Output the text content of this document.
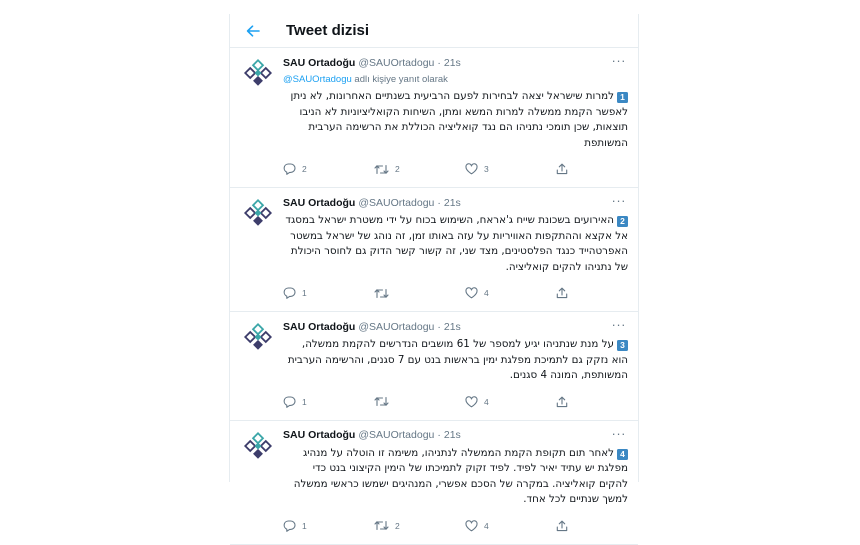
Tweet dizisi
SAU Ortadoğu @SAUOrtadogu · 21s	···
@SAUOrtadogu adlı kişiye yanıt olarak
1למרות שישראל יצאה לבחירות לפעם הרביעית בשנתיים האחרונות, לא ניתן לאפשר הקמת ממשלה למרות המשא ומתן, השיחות הקואליציוניות לא הניבו תוצאות, שכן תומכי נתניהו הם נגד קואליציה הכוללת את הרשימה הערבית המשותפת
2	2	3
SAU Ortadoğu @SAUOrtadogu · 21s	···
2האירועים בשכונת שייח ג'אראח, השימוש בכוח על ידי משטרת ישראל במסגד אל אקצא וההתקפות האוויריות על עזה באותו זמן, זה נוהג של ישראל במשטר האפרטהייד כנגד הפלסטינים, מצד שני, זה קשור קשר הדוק גם לחוסר היכולת של נתניהו להקים קואליציה.
1	4
SAU Ortadoğu @SAUOrtadogu · 21s	···
3על מנת שנתניהו יגיע למספר של 61 מושבים הנדרשים להקמת ממשלה, הוא נזקק גם לתמיכת מפלגת ימין בראשות בנט עם 7 סגנים, והרשימה הערבית המשותפת, המונה 4 סגנים.
1	4
SAU Ortadoğu @SAUOrtadogu · 21s	···
4לאחר תום תקופת הקמת הממשלה לנתניהו, משימה זו הוטלה על מנהיג מפלגת יש עתיד יאיר לפיד. לפיד זקוק לתמיכתו של הימין הקיצוני בנט כדי להקים קואליציה. במקרה של הסכם אפשרי, המנהיגים ישמשו כראשי ממשלה למשך שנתיים לכל אחד.
1	2	4
